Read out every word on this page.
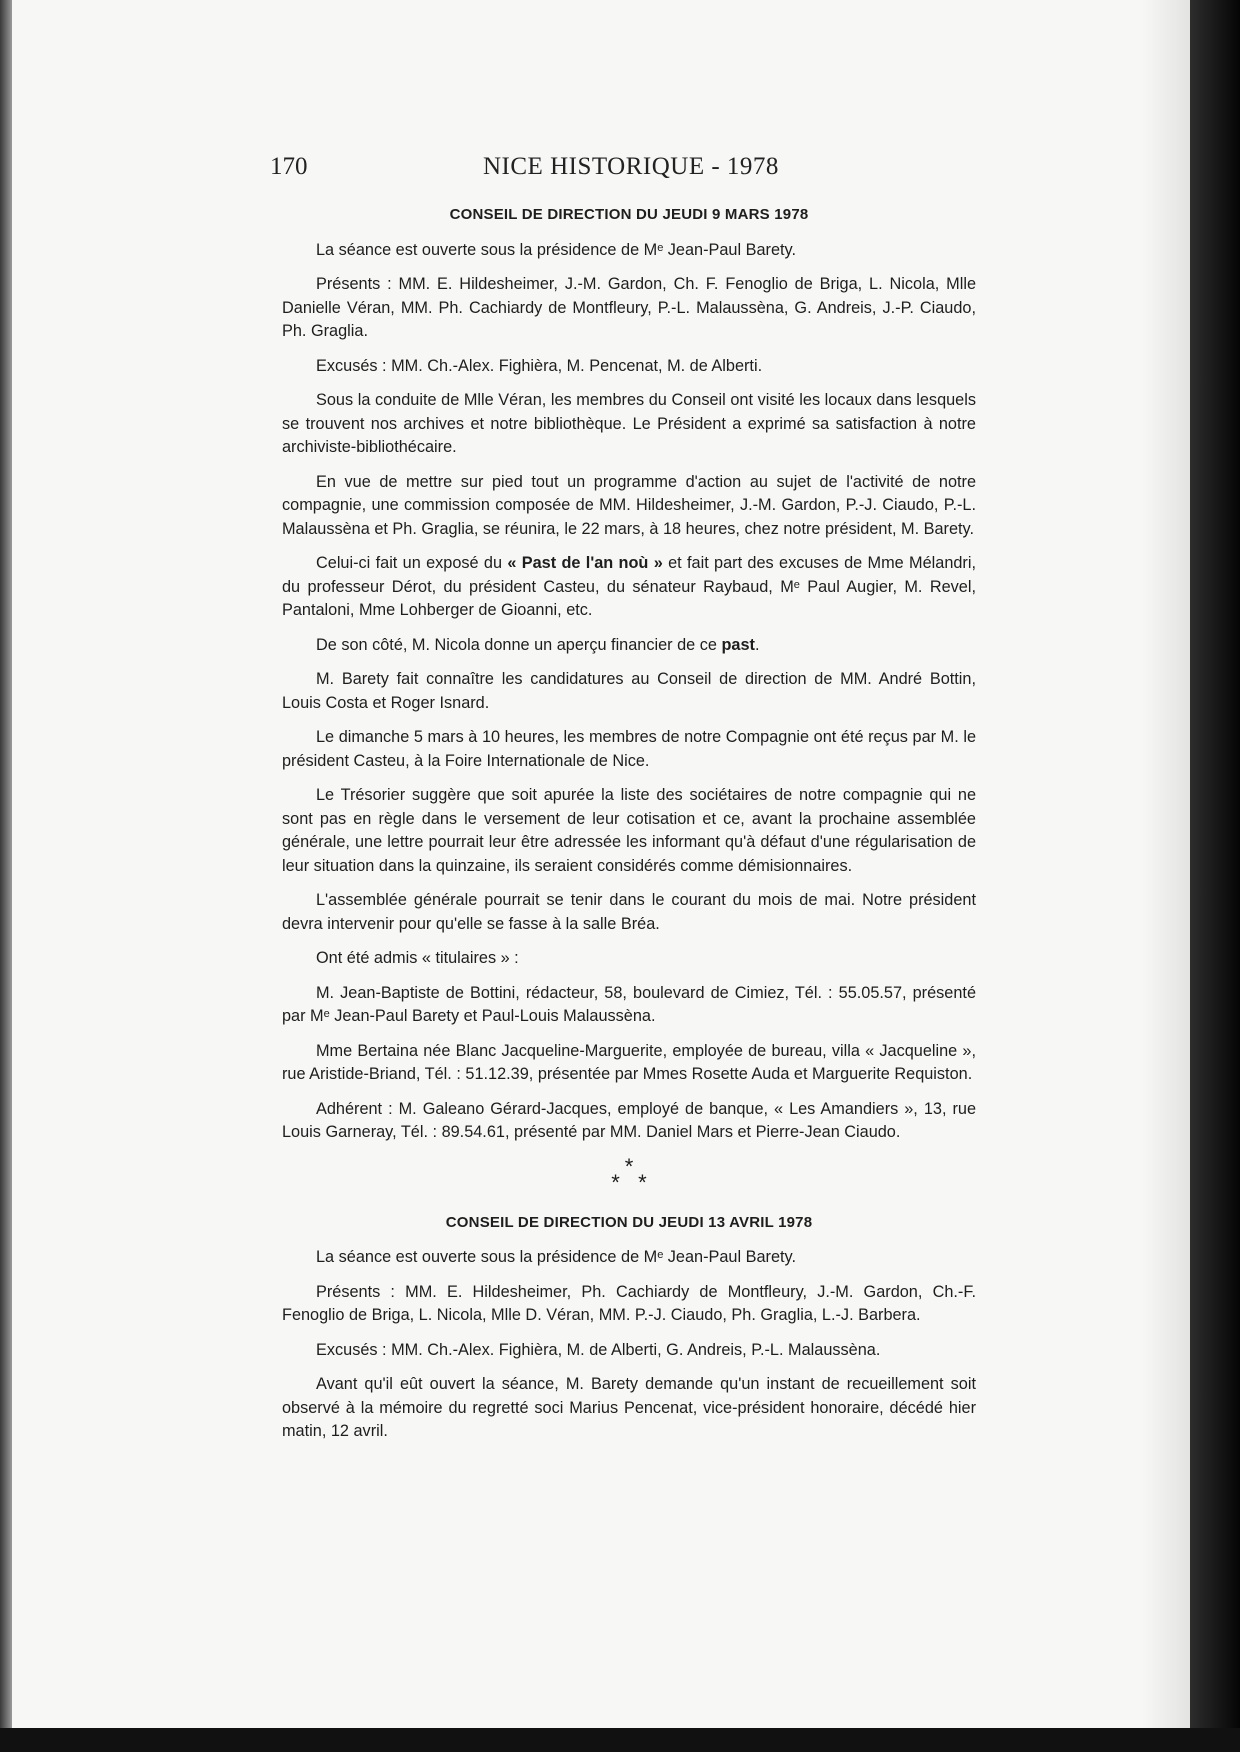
170	NICE HISTORIQUE - 1978
CONSEIL DE DIRECTION DU JEUDI 9 MARS 1978

La séance est ouverte sous la présidence de Mᵉ Jean-Paul Barety.

Présents : MM. E. Hildesheimer, J.-M. Gardon, Ch. F. Fenoglio de Briga, L. Nicola, Mlle Danielle Véran, MM. Ph. Cachiardy de Montfleury, P.-L. Malaussèna, G. Andreis, J.-P. Ciaudo, Ph. Graglia.

Excusés : MM. Ch.-Alex. Fighièra, M. Pencenat, M. de Alberti.

Sous la conduite de Mlle Véran, les membres du Conseil ont visité les locaux dans lesquels se trouvent nos archives et notre bibliothèque. Le Président a exprimé sa satisfaction à notre archiviste-bibliothécaire.

En vue de mettre sur pied tout un programme d'action au sujet de l'activité de notre compagnie, une commission composée de MM. Hildesheimer, J.-M. Gardon, P.-J. Ciaudo, P.-L. Malaussèna et Ph. Graglia, se réunira, le 22 mars, à 18 heures, chez notre président, M. Barety.

Celui-ci fait un exposé du « Past de l'an noù » et fait part des excuses de Mme Mélandri, du professeur Dérot, du président Casteu, du sénateur Raybaud, Mᵉ Paul Augier, M. Revel, Pantaloni, Mme Lohberger de Gioanni, etc.

De son côté, M. Nicola donne un aperçu financier de ce past.

M. Barety fait connaître les candidatures au Conseil de direction de MM. André Bottin, Louis Costa et Roger Isnard.

Le dimanche 5 mars à 10 heures, les membres de notre Compagnie ont été reçus par M. le président Casteu, à la Foire Internationale de Nice.

Le Trésorier suggère que soit apurée la liste des sociétaires de notre compagnie qui ne sont pas en règle dans le versement de leur cotisation et ce, avant la prochaine assemblée générale, une lettre pourrait leur être adressée les informant qu'à défaut d'une régularisation de leur situation dans la quinzaine, ils seraient considérés comme démisionnaires.

L'assemblée générale pourrait se tenir dans le courant du mois de mai. Notre président devra intervenir pour qu'elle se fasse à la salle Bréa.

Ont été admis « titulaires » :

M. Jean-Baptiste de Bottini, rédacteur, 58, boulevard de Cimiez, Tél. : 55.05.57, présenté par Mᵉ Jean-Paul Barety et Paul-Louis Malaussèna.

Mme Bertaina née Blanc Jacqueline-Marguerite, employée de bureau, villa « Jacqueline », rue Aristide-Briand, Tél. : 51.12.39, présentée par Mmes Rosette Auda et Marguerite Requiston.

Adhérent : M. Galeano Gérard-Jacques, employé de banque, « Les Amandiers », 13, rue Louis Garneray, Tél. : 89.54.61, présenté par MM. Daniel Mars et Pierre-Jean Ciaudo.

*
* *
CONSEIL DE DIRECTION DU JEUDI 13 AVRIL 1978

La séance est ouverte sous la présidence de Mᵉ Jean-Paul Barety.

Présents : MM. E. Hildesheimer, Ph. Cachiardy de Montfleury, J.-M. Gardon, Ch.-F. Fenoglio de Briga, L. Nicola, Mlle D. Véran, MM. P.-J. Ciaudo, Ph. Graglia, L.-J. Barbera.

Excusés : MM. Ch.-Alex. Fighièra, M. de Alberti, G. Andreis, P.-L. Malaussèna.

Avant qu'il eût ouvert la séance, M. Barety demande qu'un instant de recueillement soit observé à la mémoire du regretté soci Marius Pencenat, vice-président honoraire, décédé hier matin, 12 avril.
